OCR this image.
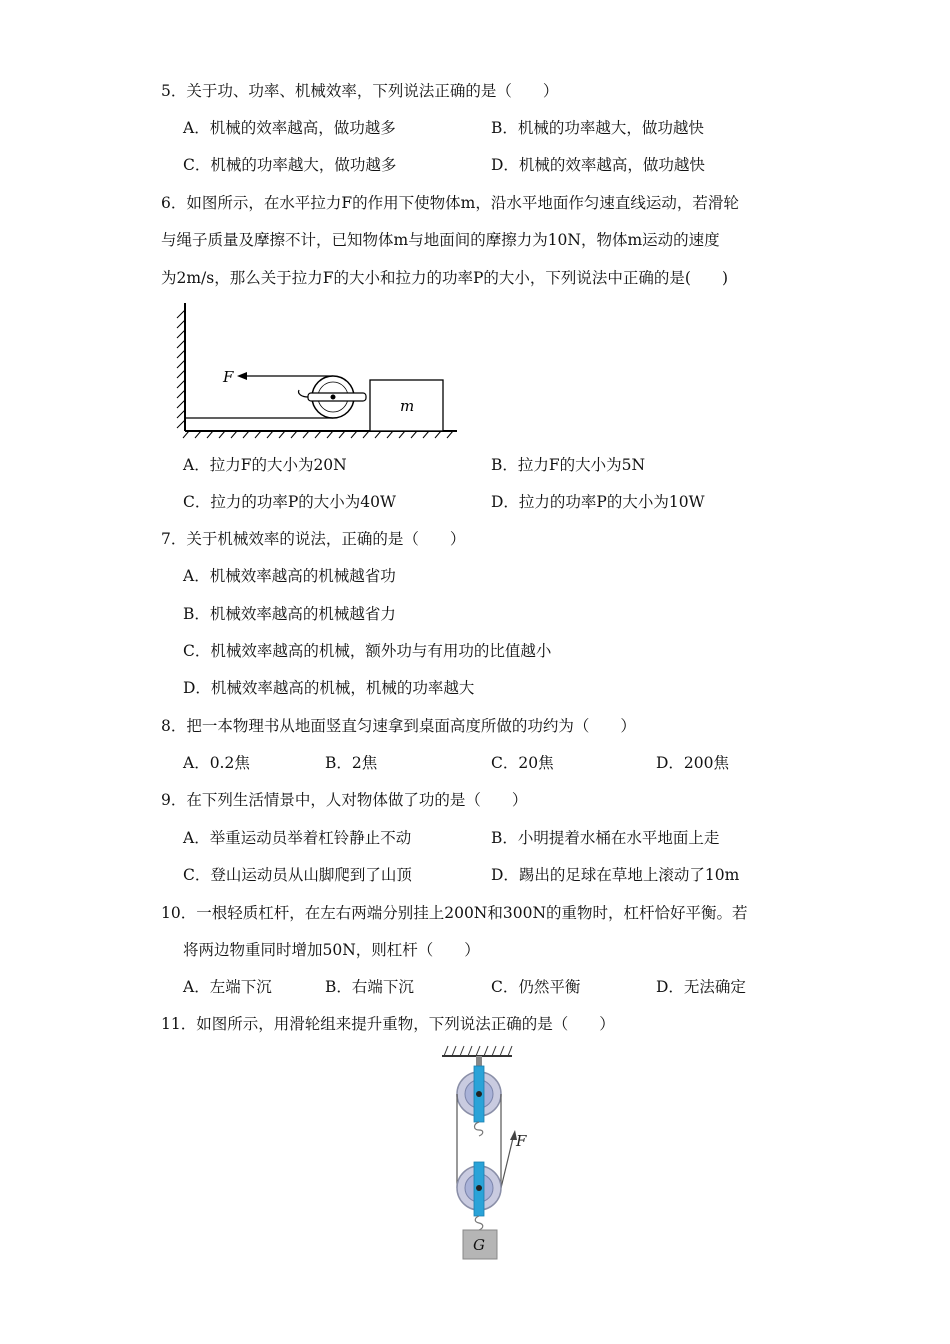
5．关于功、功率、机械效率，下列说法正确的是（　　）
A．机械的效率越高，做功越多	B．机械的功率越大，做功越快
C．机械的功率越大，做功越多	D．机械的效率越高，做功越快
6．如图所示，在水平拉力F的作用下使物体m，沿水平地面作匀速直线运动，若滑轮
与绳子质量及摩擦不计，已知物体m与地面间的摩擦力为10N，物体m运动的速度
为2m/s，那么关于拉力F的大小和拉力的功率P的大小，下列说法中正确的是(　　)
F
m
A．拉力F的大小为20N	B．拉力F的大小为5N
C．拉力的功率P的大小为40W	D．拉力的功率P的大小为10W
7．关于机械效率的说法，正确的是（　　）
A．机械效率越高的机械越省功
B．机械效率越高的机械越省力
C．机械效率越高的机械，额外功与有用功的比值越小
D．机械效率越高的机械，机械的功率越大
8．把一本物理书从地面竖直匀速拿到桌面高度所做的功约为（　　）
A．0.2焦	B．2焦	C．20焦	D．200焦
9．在下列生活情景中，人对物体做了功的是（　　）
A．举重运动员举着杠铃静止不动	B．小明提着水桶在水平地面上走
C．登山运动员从山脚爬到了山顶	D．踢出的足球在草地上滚动了10m
10．一根轻质杠杆，在左右两端分别挂上200N和300N的重物时，杠杆恰好平衡。若
将两边物重同时增加50N，则杠杆（　　）
A．左端下沉	B．右端下沉	C．仍然平衡	D．无法确定
11．如图所示，用滑轮组来提升重物，下列说法正确的是（　　）
F
G
